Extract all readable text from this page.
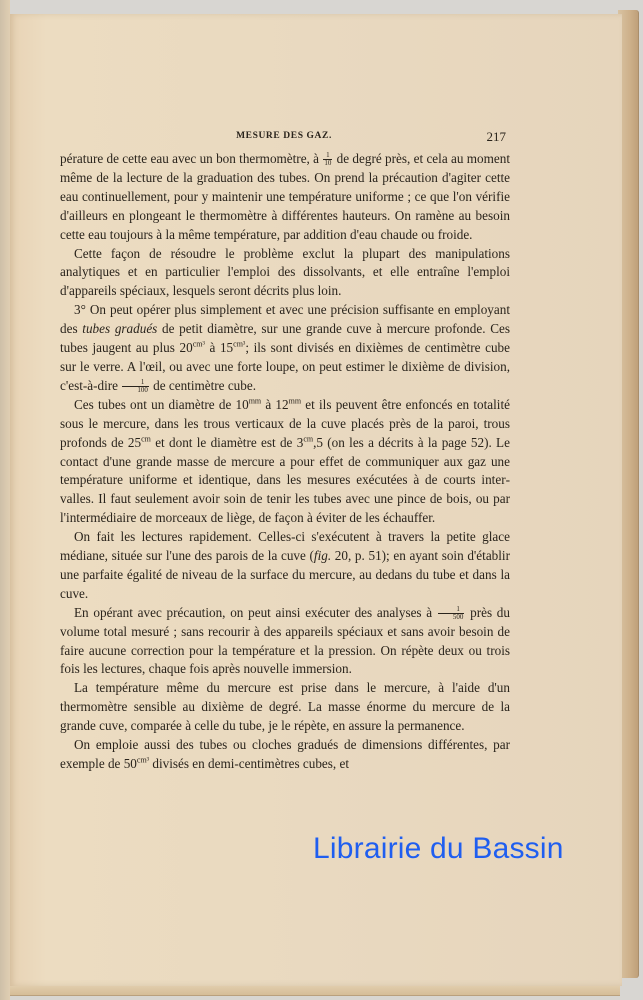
MESURE DES GAZ.	217

pérature de cette eau avec un bon thermomètre, à $\frac{1}{10}$ de degré près, et cela au moment même de la lecture de la graduation des tubes. On prend la précaution d'agiter cette eau continuellement, pour y maintenir une température uniforme ; ce que l'on vérifie d'ailleurs en plongeant le thermomètre à différentes hauteurs. On ramène au besoin cette eau toujours à la même température, par addition d'eau chaude ou froide.

Cette façon de résoudre le problème exclut la plupart des manipulations analytiques et en particulier l'emploi des dissolvants, et elle entraîne l'emploi d'appareils spéciaux, lesquels seront décrits plus loin.

3° On peut opérer plus simplement et avec une précision suffisante en employant des tubes gradués de petit diamètre, sur une grande cuve à mercure profonde. Ces tubes jaugent au plus $20^{cm^3}$ à $15^{cm^3}$; ils sont divisés en dixièmes de centimètre cube sur le verre. A l'œil, ou avec une forte loupe, on peut estimer le dixième de division, c'est-à-dire $\frac{1}{100}$ de centimètre cube.

Ces tubes ont un diamètre de $10^{mm}$ à $12^{mm}$ et ils peuvent être enfoncés en totalité sous le mercure, dans les trous verticaux de la cuve placés près de la paroi, trous profonds de $25^{cm}$ et dont le diamètre est de $3^{cm},5$ (on les a décrits à la page 52). Le contact d'une grande masse de mercure a pour effet de communiquer aux gaz une température uniforme et identique, dans les mesures exécutées à de courts intervalles. Il faut seulement avoir soin de tenir les tubes avec une pince de bois, ou par l'intermédiaire de morceaux de liège, de façon à éviter de les échauffer.

On fait les lectures rapidement. Celles-ci s'exécutent à travers la petite glace médiane, située sur l'une des parois de la cuve (fig. 20, p. 51); en ayant soin d'établir une parfaite égalité de niveau de la surface du mercure, au dedans du tube et dans la cuve.

En opérant avec précaution, on peut ainsi exécuter des analyses à $\frac{1}{500}$ près du volume total mesuré ; sans recourir à des appareils spéciaux et sans avoir besoin de faire aucune correction pour la température et la pression. On répète deux ou trois fois les lectures, chaque fois après nouvelle immersion.

La température même du mercure est prise dans le mercure, à l'aide d'un thermomètre sensible au dixième de degré. La masse énorme du mercure de la grande cuve, comparée à celle du tube, je le répète, en assure la permanence.

On emploie aussi des tubes ou cloches gradués de dimensions différentes, par exemple de $50^{cm^3}$ divisés en demi-centimètres cubes, et

Librairie du Bassin
